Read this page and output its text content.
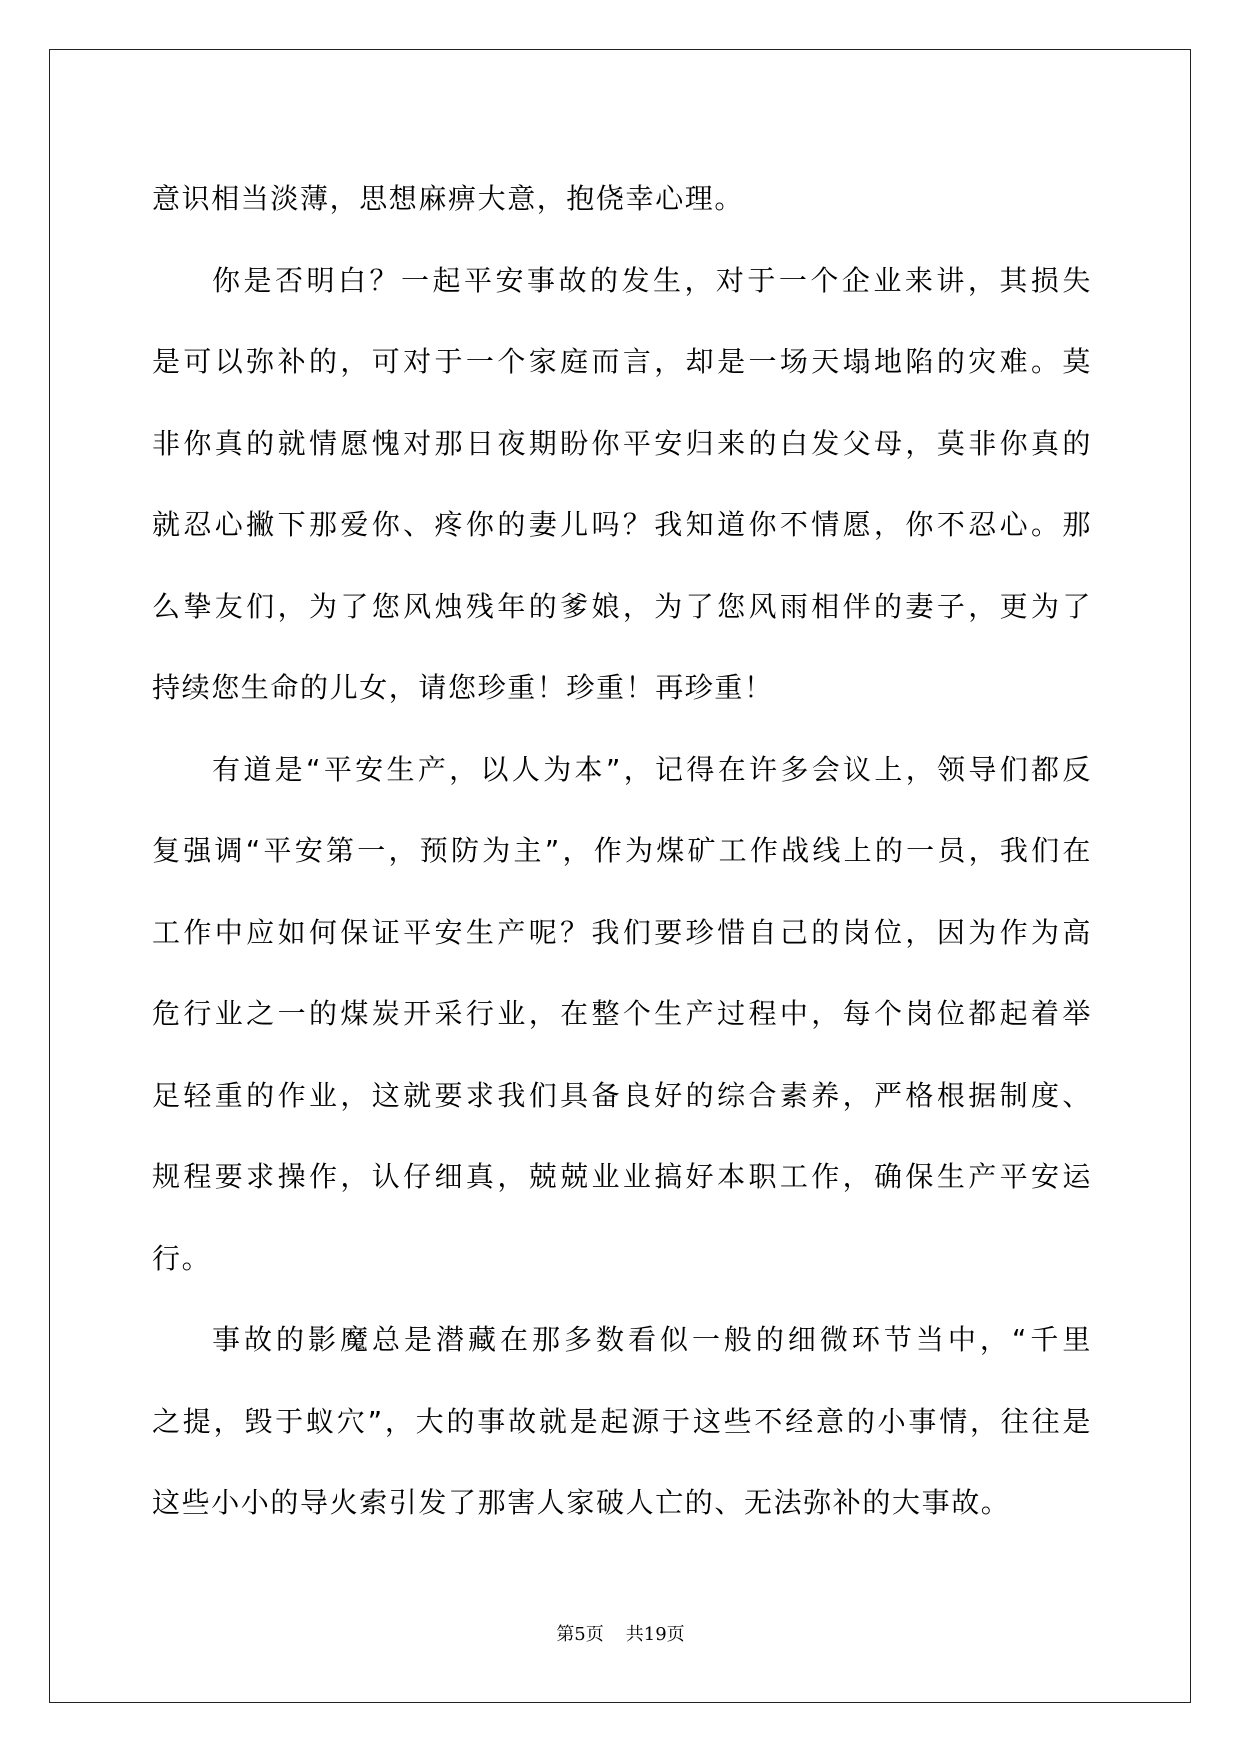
意识相当淡薄，思想麻痹大意，抱侥幸心理。
你是否明白？一起平安事故的发生，对于一个企业来讲，其损失
是可以弥补的，可对于一个家庭而言，却是一场天塌地陷的灾难。莫
非你真的就情愿愧对那日夜期盼你平安归来的白发父母，莫非你真的
就忍心撇下那爱你、疼你的妻儿吗？我知道你不情愿，你不忍心。那
么挚友们，为了您风烛残年的爹娘，为了您风雨相伴的妻子，更为了
持续您生命的儿女，请您珍重！珍重！再珍重！
有道是“平安生产，以人为本”，记得在许多会议上，领导们都反
复强调“平安第一，预防为主”，作为煤矿工作战线上的一员，我们在
工作中应如何保证平安生产呢？我们要珍惜自己的岗位，因为作为高
危行业之一的煤炭开采行业，在整个生产过程中，每个岗位都起着举
足轻重的作业，这就要求我们具备良好的综合素养，严格根据制度、
规程要求操作，认仔细真，兢兢业业搞好本职工作，确保生产平安运
行。
事故的影魔总是潜藏在那多数看似一般的细微环节当中，“千里
之提，毁于蚁穴”，大的事故就是起源于这些不经意的小事情，往往是
这些小小的导火索引发了那害人家破人亡的、无法弥补的大事故。
第5页 共19页
